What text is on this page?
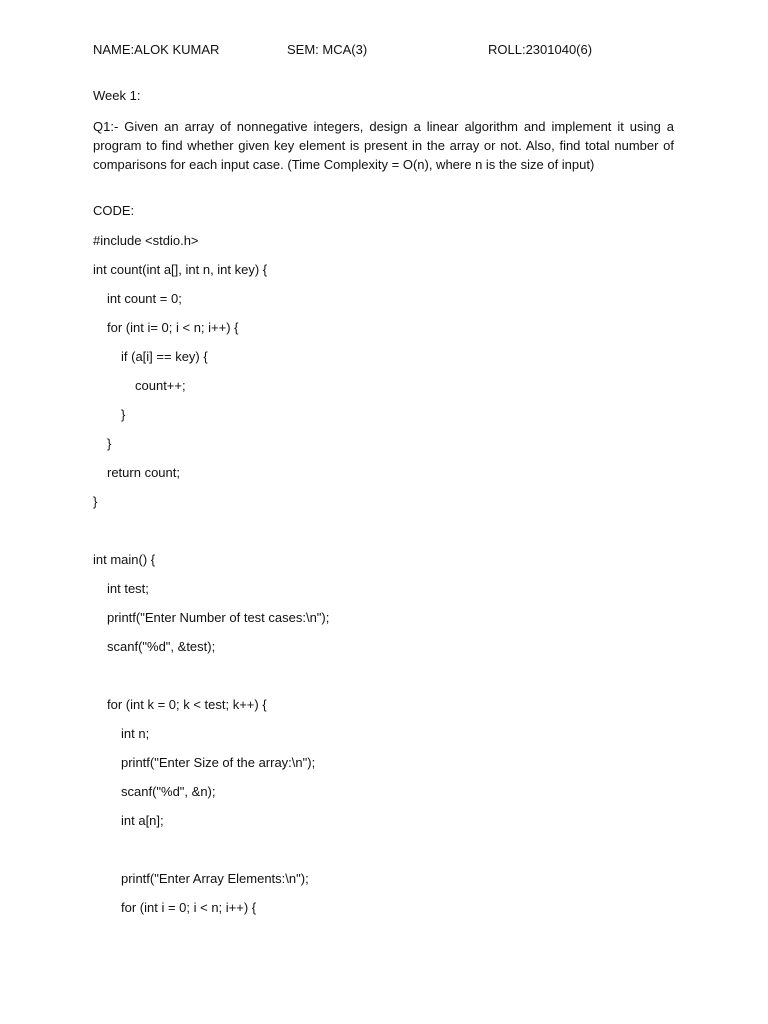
NAME:ALOK KUMAR	SEM: MCA(3)	ROLL:2301040(6)
Week 1:
Q1:- Given an array of nonnegative integers, design a linear algorithm and implement it using a program to find whether given key element is present in the array or not. Also, find total number of comparisons for each input case. (Time Complexity = O(n), where n is the size of input)
CODE:
#include <stdio.h>
int count(int a[], int n, int key) {
int count = 0;
for (int i= 0; i < n; i++) {
if (a[i] == key) {
count++;
}
}
return count;
}
int main() {
int test;
printf("Enter Number of test cases:\n");
scanf("%d", &test);
for (int k = 0; k < test; k++) {
int n;
printf("Enter Size of the array:\n");
scanf("%d", &n);
int a[n];
printf("Enter Array Elements:\n");
for (int i = 0; i < n; i++) {
